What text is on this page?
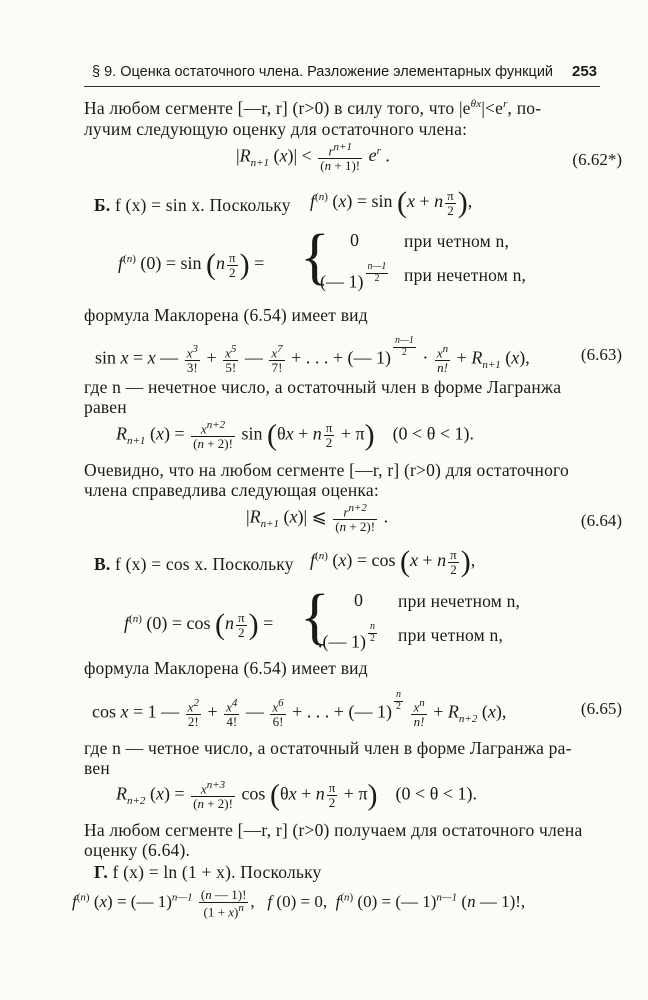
§ 9. Оценка остаточного члена. Разложение элементарных функций 253
На любом сегменте [—r, r] (r>0) в силу того, что $|e^{\theta x}|<e^r$, по-
лучим следующую оценку для остаточного члена:
$|R_{n+1}$ $(x)| < \frac{r^{n+1}}{(n + 1)!} e^r$ .	(6.62*)
Б. f (x) = sin x. Поскольку $f^{(n)}$ (x) = sin (x + n $\frac{\pi}{2}$ ),
$f^{(n)}$ $(0) = \sin (n \frac{\pi}{2}$ ) = { 0	при четном n,
(— 1) $^{\frac{n—1}{2}}$ при нечетном n,
формула Маклорена (6.54) имеет вид
sin x = x — $\frac{x^3}{3!} + \frac{x^5}{5!}$ — $\frac{x^7}{7!}$ + . . . + (— 1) $^{\frac{n—1}{2}} \cdot \frac{x^n}{n!} + R_{n+1}$ (x),	(6.63)
где n — нечетное число, а остаточный член в форме Лагранжа
равен
$R_{n+1}$ $(x) = \frac{x^{n+2}}{(n + 2)!}$ sin (θx + n $\frac{\pi}{2} + \pi$)    (0 < θ < 1).
Очевидно, что на любом сегменте [—r, r] (r>0) для остаточного
члена справедлива следующая оценка:
$|R_{n+1}$ (x)| ⩽ $\frac{r^{n+2}}{(n + 2)!}$ .	(6.64)
В. f (x) = cos x. Поскольку $f^{(n)}$ (x) = cos (x + n $\frac{\pi}{2}$ ),
$f^{(n)}$ $(0) = \cos (n \frac{\pi}{2}$ ) = { 0 при нечетном n,
.(— 1) $^{\frac{n}{2}}$ при четном n,
формула Маклорена (6.54) имеет вид
cos x = 1 — $\frac{x^2}{2!} + \frac{x^4}{4!}$ — $\frac{x^6}{6!}$ + . . . + (— 1) $^{\frac{n}{2}}$
$\frac{x^n}{n!} + R_{n+2}$ (x),	(6.65)
где n — четное число, а остаточный член в форме Лагранжа ра-
вен
$R_{n+2}$ $(x) = \frac{x^{n+3}}{(n + 2)!}$ cos (θx + n $\frac{\pi}{2} + \pi$)    (0 < θ < 1).
На любом сегменте [—r, r] (r>0) получаем для остаточного члена
оценку (6.64).
Г. f (x) = ln (1 + x). Поскольку
$f^{(n)}$ (x) = (— $1)^{n—1} \frac{(n — 1)!}{(1 + x)^n}$ ,   f (0) = 0,  $f^{(n)}$ (0) = (— 1)$^{n—1}$ (n — 1)!,
